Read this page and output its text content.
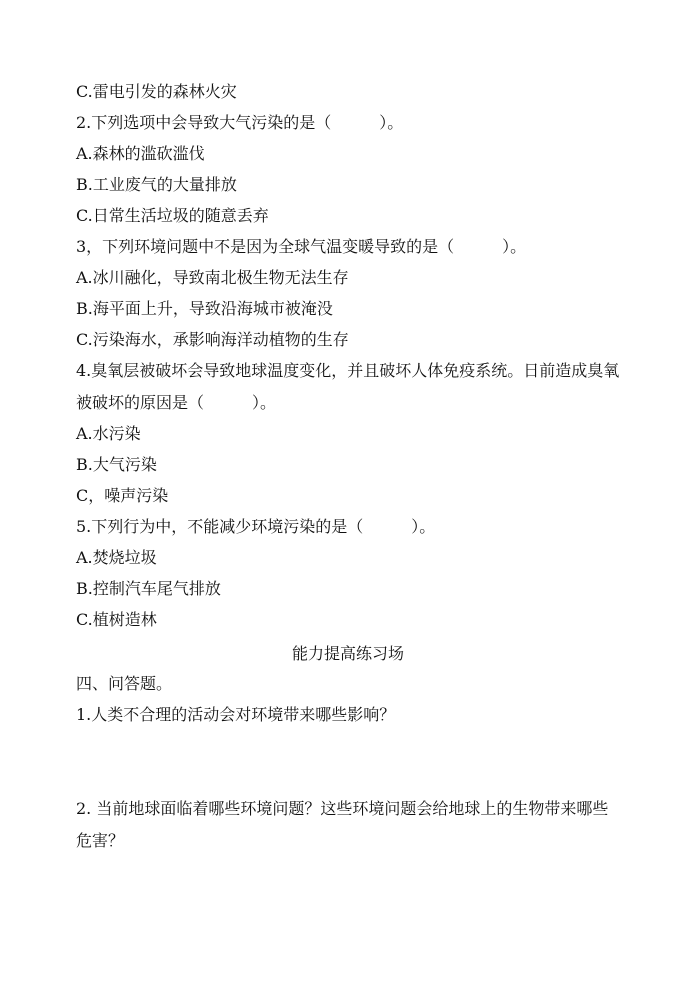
C.雷电引发的森林火灾
2.下列选项中会导致大气污染的是（　　　）。
A.森林的滥砍滥伐
B.工业废气的大量排放
C.日常生活垃圾的随意丢弃
3，下列环境问题中不是因为全球气温变暖导致的是（　　　）。
A.冰川融化，导致南北极生物无法生存
B.海平面上升，导致沿海城市被淹没
C.污染海水，承影响海洋动植物的生存
4.臭氧层被破坏会导致地球温度变化，并且破坏人体免疫系统。日前造成臭氧
被破坏的原因是（　　　）。
A.水污染
B.大气污染
C，噪声污染
5.下列行为中，不能减少环境污染的是（　　　）。
A.焚烧垃圾
B.控制汽车尾气排放
C.植树造林
能力提高练习场
四、问答题。
1.人类不合理的活动会对环境带来哪些影响？
2. 当前地球面临着哪些环境问题？这些环境问题会给地球上的生物带来哪些
危害？
